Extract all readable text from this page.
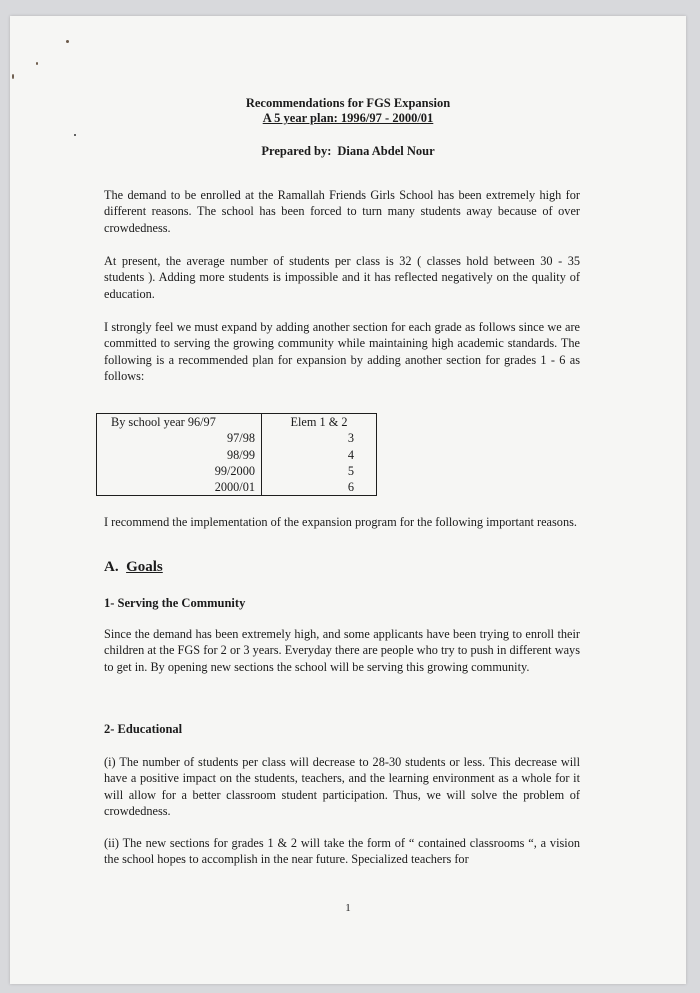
Recommendations for FGS Expansion
A 5 year plan: 1996/97 - 2000/01
Prepared by: Diana Abdel Nour
The demand to be enrolled at the Ramallah Friends Girls School has been extremely high for different reasons. The school has been forced to turn many students away because of over crowdedness.
At present, the average number of students per class is 32 ( classes hold between 30 - 35 students ). Adding more students is impossible and it has reflected negatively on the quality of education.
I strongly feel we must expand by adding another section for each grade as follows since we are committed to serving the growing community while maintaining high academic standards. The following is a recommended plan for expansion by adding another section for grades 1 - 6 as follows:
By school year 96/97	Elem 1 & 2
97/98	3
98/99	4
99/2000	5
2000/01	6
I recommend the implementation of the expansion program for the following important reasons.
A. Goals
1- Serving the Community
Since the demand has been extremely high, and some applicants have been trying to enroll their children at the FGS for 2 or 3 years. Everyday there are people who try to push in different ways to get in. By opening new sections the school will be serving this growing community.
2- Educational
(i) The number of students per class will decrease to 28-30 students or less. This decrease will have a positive impact on the students, teachers, and the learning environment as a whole for it will allow for a better classroom student participation. Thus, we will solve the problem of crowdedness.
(ii) The new sections for grades 1 & 2 will take the form of “ contained classrooms “, a vision the school hopes to accomplish in the near future. Specialized teachers for
1
